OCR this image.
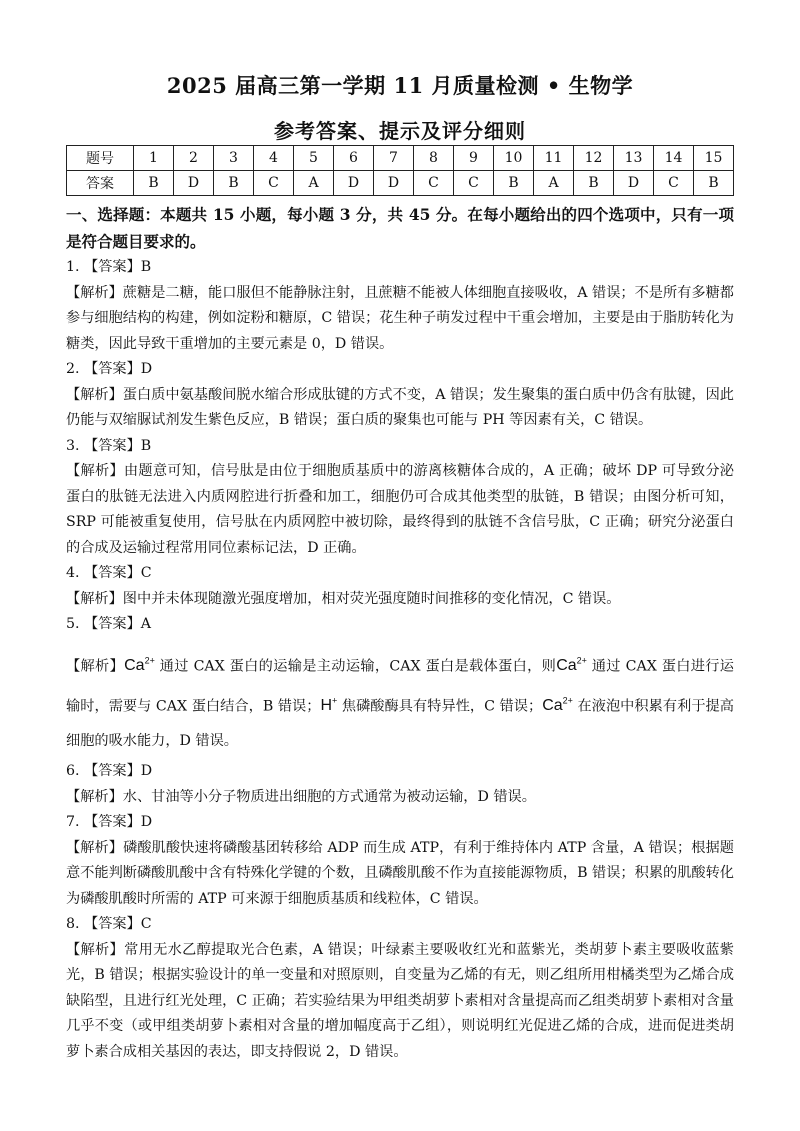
2025 届高三第一学期 11 月质量检测 • 生物学
参考答案、提示及评分细则
题号	1	2	3	4	5	6	7	8	9	10	11	12	13	14	15
答案	B	D	B	C	A	D	D	C	C	B	A	B	D	C	B

一、选择题：本题共 15 小题，每小题 3 分，共 45 分。在每小题给出的四个选项中，只有一项是符合题目要求的。

1. 【答案】B

【解析】蔗糖是二糖，能口服但不能静脉注射，且蔗糖不能被人体细胞直接吸收，A 错误；不是所有多糖都参与细胞结构的构建，例如淀粉和糖原，C 错误；花生种子萌发过程中干重会增加，主要是由于脂肪转化为糖类，因此导致干重增加的主要元素是 0，D 错误。

2. 【答案】D

【解析】蛋白质中氨基酸间脱水缩合形成肽键的方式不变，A 错误；发生聚集的蛋白质中仍含有肽键，因此仍能与双缩脲试剂发生紫色反应，B 错误；蛋白质的聚集也可能与 PH 等因素有关，C 错误。

3. 【答案】B

【解析】由题意可知，信号肽是由位于细胞质基质中的游离核糖体合成的，A 正确；破坏 DP 可导致分泌蛋白的肽链无法进入内质网腔进行折叠和加工，细胞仍可合成其他类型的肽链，B 错误；由图分析可知，SRP 可能被重复使用，信号肽在内质网腔中被切除，最终得到的肽链不含信号肽，C 正确；研究分泌蛋白的合成及运输过程常用同位素标记法，D 正确。

4. 【答案】C

【解析】图中并未体现随激光强度增加，相对荧光强度随时间推移的变化情况，C 错误。

5. 【答案】A

【解析】$Ca^{2+}$ 通过 CAX 蛋白的运输是主动运输，CAX 蛋白是载体蛋白，则$Ca^{2+}$ 通过 CAX 蛋白进行运输时，需要与 CAX 蛋白结合，B 错误；H+ 焦磷酸酶具有特异性，C 错误；$Ca^{2+}$ 在液泡中积累有利于提高细胞的吸水能力，D 错误。

6. 【答案】D

【解析】水、甘油等小分子物质进出细胞的方式通常为被动运输，D 错误。

7. 【答案】D

【解析】磷酸肌酸快速将磷酸基团转移给 ADP 而生成 ATP，有利于维持体内 ATP 含量，A 错误；根据题意不能判断磷酸肌酸中含有特殊化学键的个数，且磷酸肌酸不作为直接能源物质，B 错误；积累的肌酸转化为磷酸肌酸时所需的 ATP 可来源于细胞质基质和线粒体，C 错误。

8. 【答案】C

【解析】常用无水乙醇提取光合色素，A 错误；叶绿素主要吸收红光和蓝紫光，类胡萝卜素主要吸收蓝紫光，B 错误；根据实验设计的单一变量和对照原则，自变量为乙烯的有无，则乙组所用柑橘类型为乙烯合成缺陷型，且进行红光处理，C 正确；若实验结果为甲组类胡萝卜素相对含量提高而乙组类胡萝卜素相对含量几乎不变（或甲组类胡萝卜素相对含量的增加幅度高于乙组），则说明红光促进乙烯的合成，进而促进类胡萝卜素合成相关基因的表达，即支持假说 2，D 错误。
